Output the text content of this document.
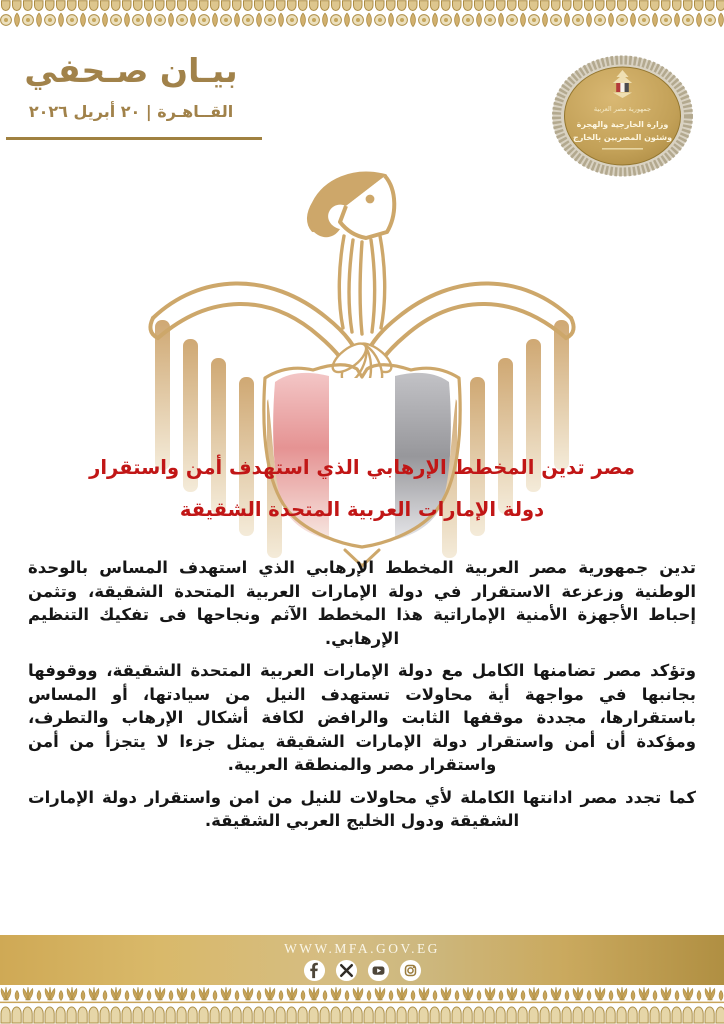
بيـان صـحفي
القــاهـرة | ٢٠ أبريل ٢٠٢٦	جمهورية مصر العربية
وزارة الخارجية والهجرة
وشئون المصريين بالخارج
مصر تدين المخطط الإرهابي الذي استهدف أمن واستقرار
دولة الإمارات العربية المتحدة الشقيقة

تدين جمهورية مصر العربية المخطط الإرهابي الذي استهدف المساس بالوحدة الوطنية وزعزعة الاستقرار في دولة الإمارات العربية المتحدة الشقيقة، وتثمن إحباط الأجهزة الأمنية الإماراتية هذا المخطط الآثم ونجاحها فى تفكيك التنظيم الإرهابي.

وتؤكد مصر تضامنها الكامل مع دولة الإمارات العربية المتحدة الشقيقة، ووقوفها بجانبها في مواجهة أية محاولات تستهدف النيل من سيادتها، أو المساس باستقرارها، مجددة موقفها الثابت والرافض لكافة أشكال الإرهاب والتطرف، ومؤكدة أن أمن واستقرار دولة الإمارات الشقيقة يمثل جزءا لا يتجزأ من أمن واستقرار مصر والمنطقة العربية.

كما تجدد مصر ادانتها الكاملة لأي محاولات للنيل من امن واستقرار دولة الإمارات الشقيقة ودول الخليج العربي الشقيقة.

WWW.MFA.GOV.EG
